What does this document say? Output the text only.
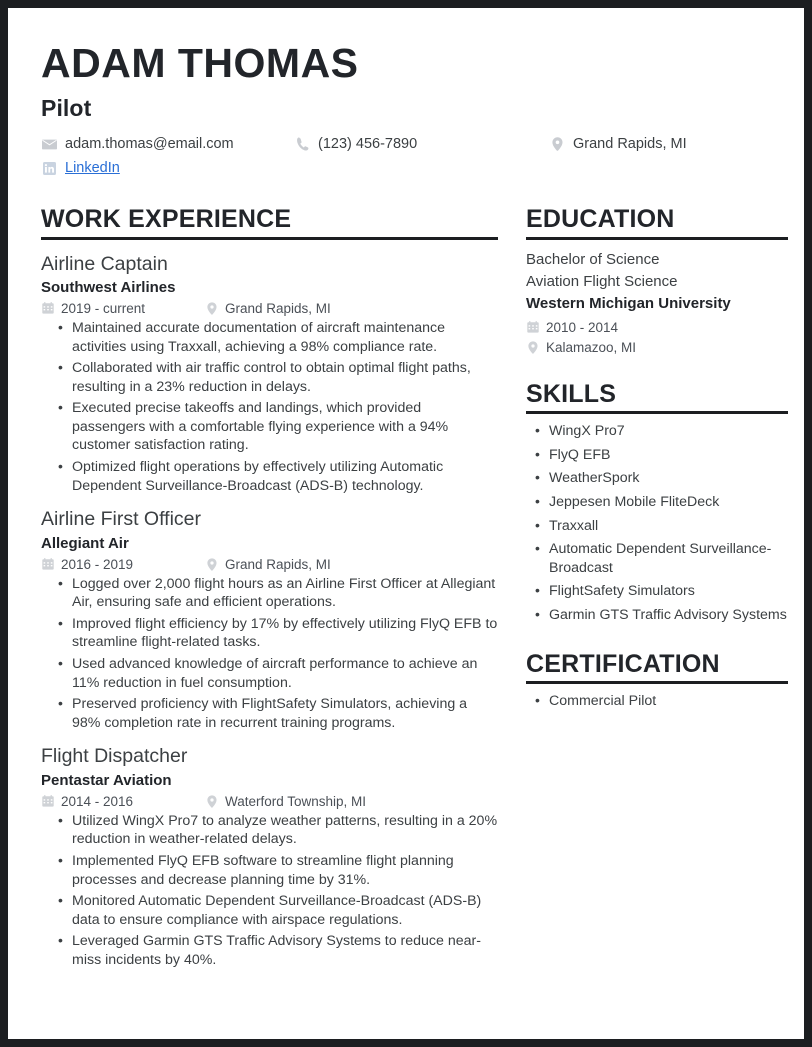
ADAM THOMAS
Pilot
adam.thomas@email.com	(123) 456-7890	Grand Rapids, MI
LinkedIn
WORK EXPERIENCE
Airline Captain
Southwest Airlines
2019 - current	Grand Rapids, MI
• Maintained accurate documentation of aircraft maintenance activities using Traxxall, achieving a 98% compliance rate.
• Collaborated with air traffic control to obtain optimal flight paths, resulting in a 23% reduction in delays.
• Executed precise takeoffs and landings, which provided passengers with a comfortable flying experience with a 94% customer satisfaction rating.
• Optimized flight operations by effectively utilizing Automatic Dependent Surveillance-Broadcast (ADS-B) technology.
Airline First Officer
Allegiant Air
2016 - 2019	Grand Rapids, MI
• Logged over 2,000 flight hours as an Airline First Officer at Allegiant Air, ensuring safe and efficient operations.
• Improved flight efficiency by 17% by effectively utilizing FlyQ EFB to streamline flight-related tasks.
• Used advanced knowledge of aircraft performance to achieve an 11% reduction in fuel consumption.
• Preserved proficiency with FlightSafety Simulators, achieving a 98% completion rate in recurrent training programs.
Flight Dispatcher
Pentastar Aviation
2014 - 2016	Waterford Township, MI
• Utilized WingX Pro7 to analyze weather patterns, resulting in a 20% reduction in weather-related delays.
• Implemented FlyQ EFB software to streamline flight planning processes and decrease planning time by 31%.
• Monitored Automatic Dependent Surveillance-Broadcast (ADS-B) data to ensure compliance with airspace regulations.
• Leveraged Garmin GTS Traffic Advisory Systems to reduce near-miss incidents by 40%.
EDUCATION
Bachelor of Science
Aviation Flight Science
Western Michigan University
2010 - 2014
Kalamazoo, MI
SKILLS
• WingX Pro7
• FlyQ EFB
• WeatherSpork
• Jeppesen Mobile FliteDeck
• Traxxall
• Automatic Dependent Surveillance-Broadcast
• FlightSafety Simulators
• Garmin GTS Traffic Advisory Systems
CERTIFICATION
• Commercial Pilot
